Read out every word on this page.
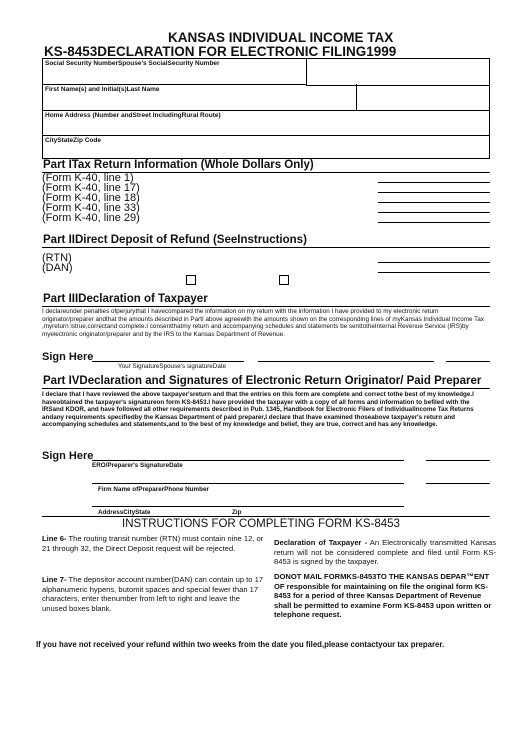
KANSAS INDIVIDUAL INCOME TAX
KS-8453DECLARATION FOR ELECTRONIC FILING1999
Social Security NumberSpouse's SocialSecurity Number
First Name(s) and Initial(s)Last Name
Home Address (Number andStreet IncludingRural Route)
CityStateZip Code
Part ITax Return Information (Whole Dollars Only)
(Form K-40, line 1)
(Form K-40, line 17)
(Form K-40, line 18)
(Form K-40, line 33)
(Form K-40, line 29)
Part IIDirect Deposit of Refund (SeeInstructions)
(RTN)
(DAN)
Part IIIDeclaration of Taxpayer
I declareunder penalties ofperjurythat I havecompared the information on my return with the information I have provided to my electronic return originator/preparer andthat the amounts described in PartI above agreewith the amounts shown on the corresponding lines of myKansas Individual Income Tax ,myreturn istrue,correctand complete.I consentthatmy return and accompanying schedules and statements be senttotheInternal Revenue Service (IRS)by myelectronic originator/preparer and by the IRS to the Kansas Department of Revenue.
Sign Here
Your SignatureSpouse's signatureDate
Part IVDeclaration and Signatures of Electronic Return Originator/ Paid Preparer
I declare that I have reviewed the above taxpayer'sreturn and that the entries on this form are complete and correct tothe best of my knowledge.I haveobtained the taxpayer's signatureon form KS-8453.I have provided the taxpayer with a copy of all forms and information to befiled with the IRSand KDOR, and have followed all other requirements described in Pub. 1345, Handbook for Electronic Filers of IndividualIncome Tax Returns andany requirements specifiedby the Kansas Department of paid preparer,I declare that Ihave examined thoseabove taxpayer's return and accompanying schedules and statements,and to the best of my knowledge and belief, they are true, correct and has any knowledge.
Sign Here
ERO/Preparer's SignatureDate
Firm Name ofPreparerPhone Number
AddressCityState	Zip
INSTRUCTIONS FOR COMPLETING FORM KS-8453
Line 6- The routing transit number (RTN) must contain nine 12, or 21 through 32, the Direct Deposit request will be rejected.
Line 7- The depositor account number(DAN) can contain up to 17 alphanumeric hypens, butomit spaces and special fewer than 17 characters, enter thenumber from left to right and leave the unused boxes blank.
Declaration of Taxpayer - An Electronically transmitted Kansas return will not be considered complete and filed until Form KS-8453 is signed by the taxpayer.
DONOT MAIL FORMKS-8453TO THE KANSAS DEPAR™ENT OF responsible for maintaining on file the original form KS-8453 for a period of three Kansas Department of Revenue shall be permitted to examine Form KS-8453 upon written or telephone request.
If you have not received your refund within two weeks from the date you filed,please contactyour tax preparer.
